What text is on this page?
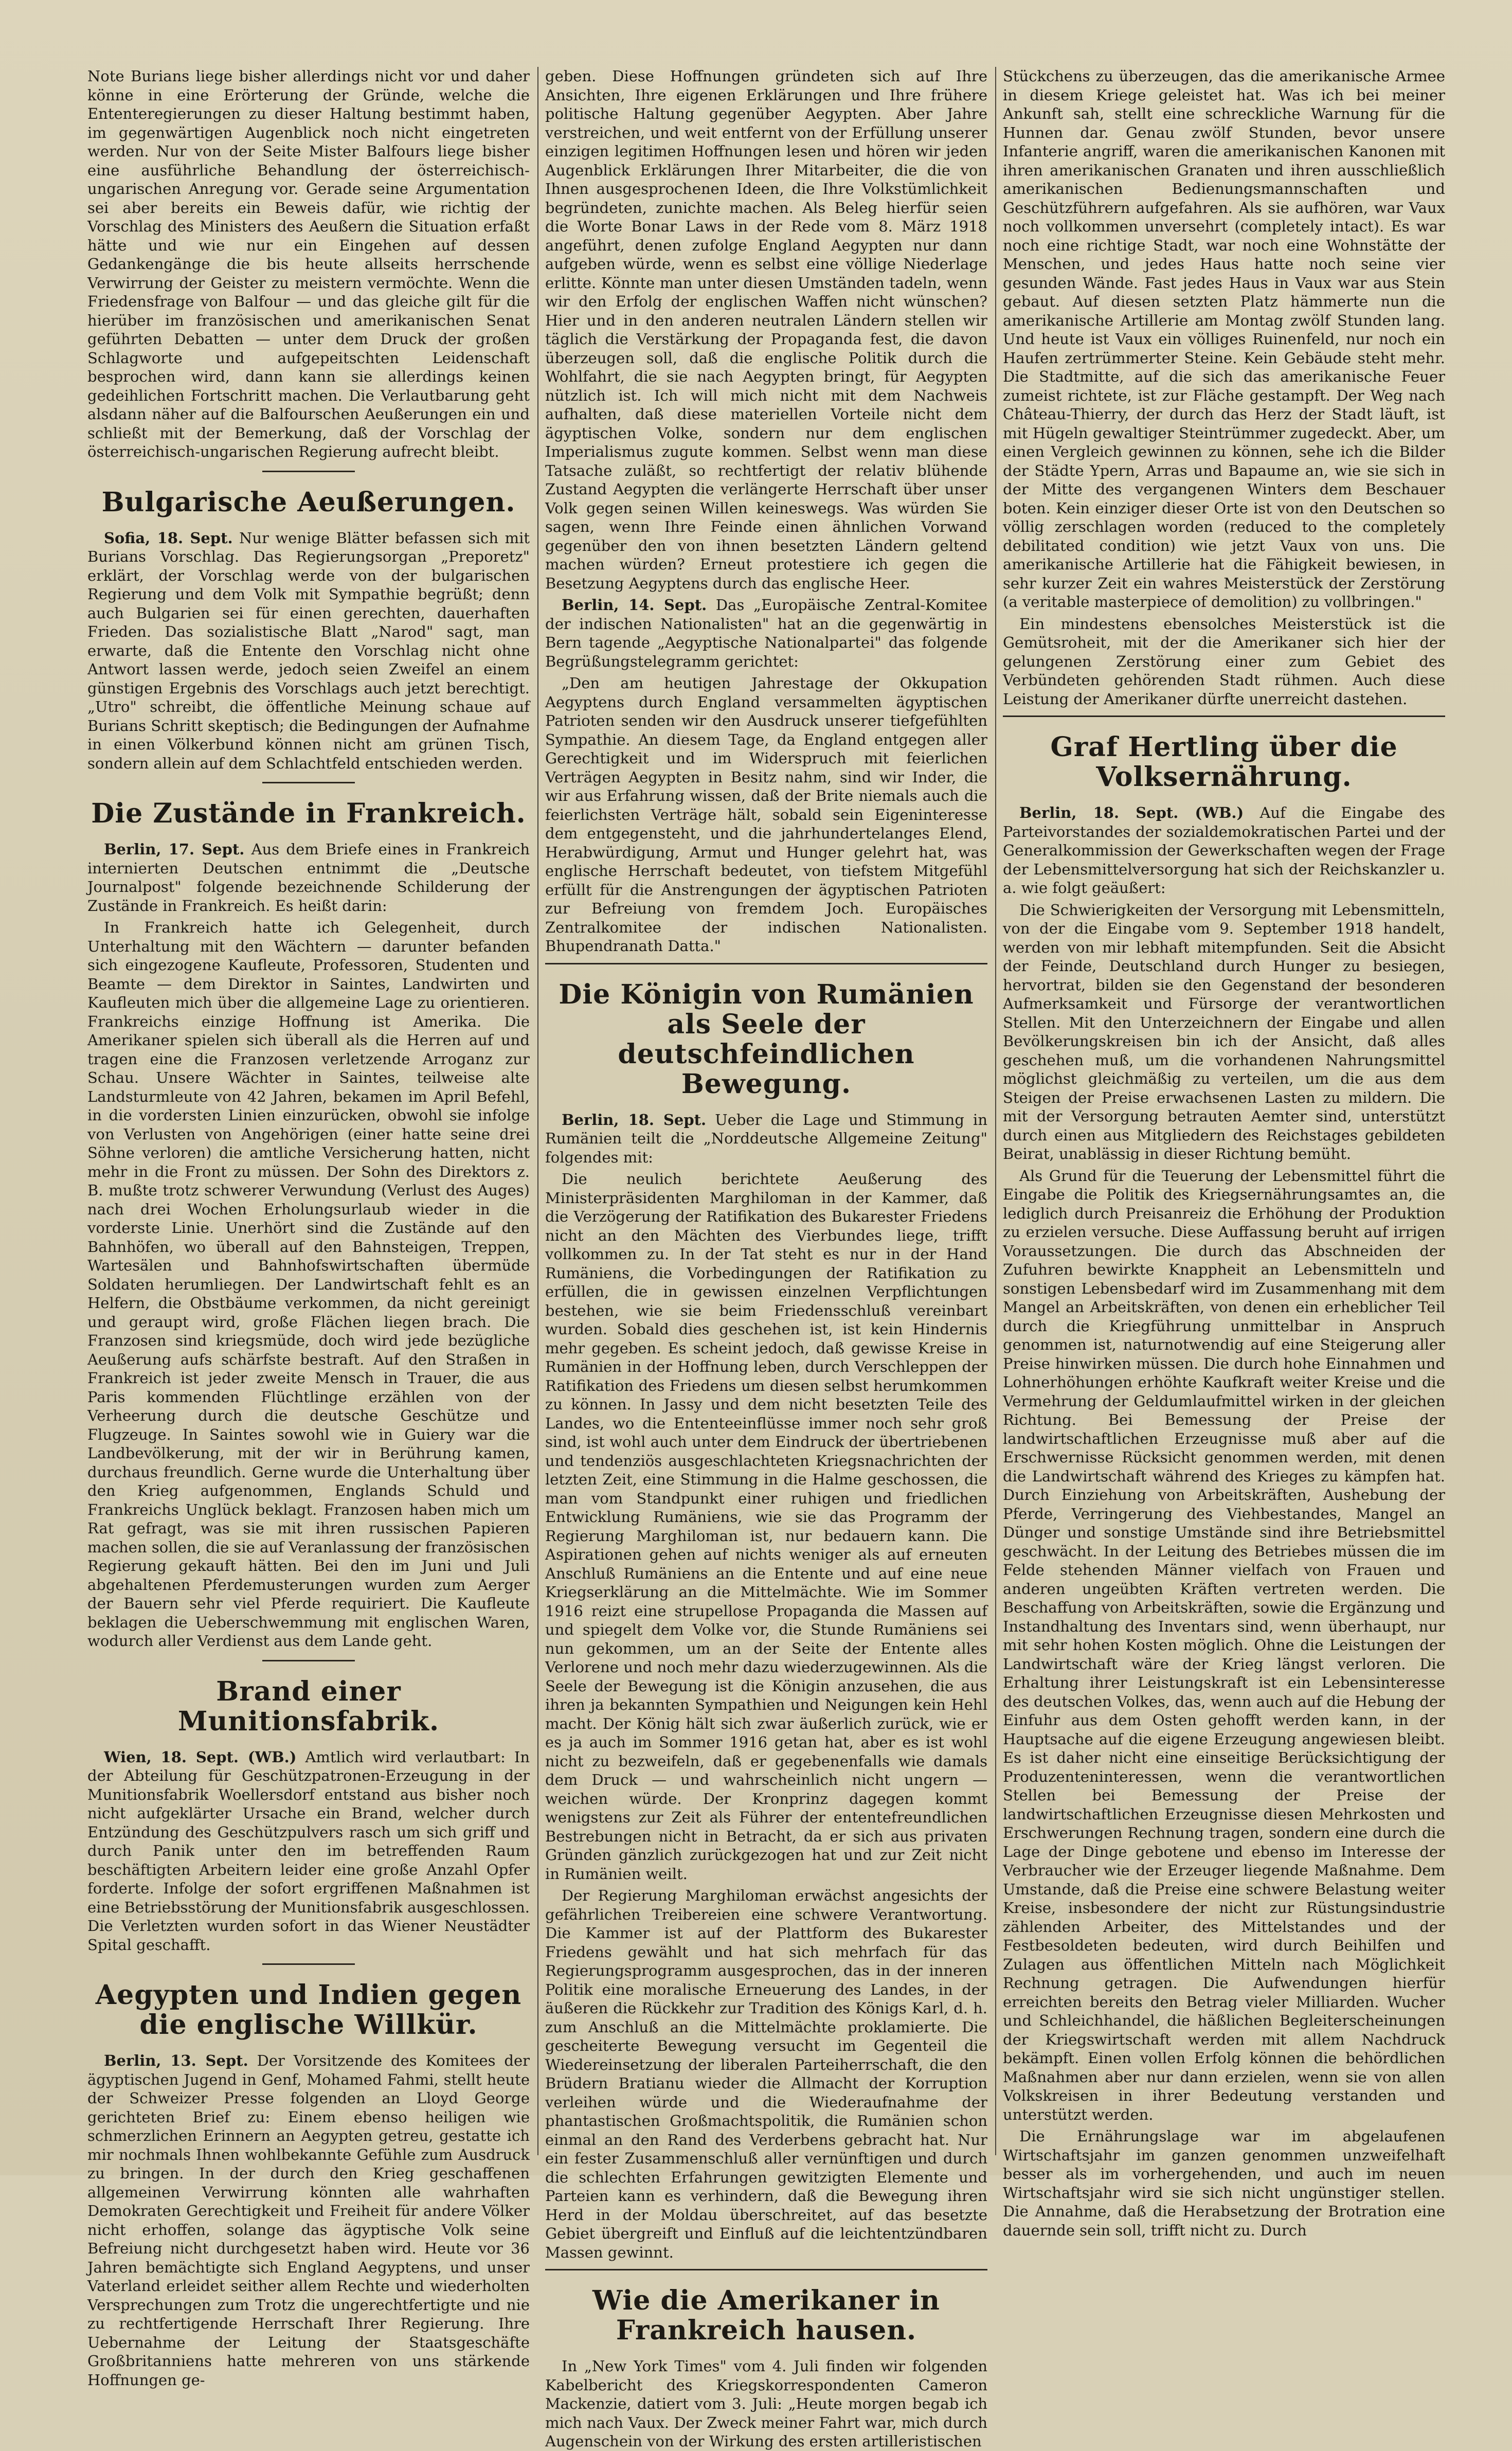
Note Burians liege bisher allerdings nicht vor und daher könne in eine Erörterung der Gründe, welche die Ententeregierungen zu dieser Haltung bestimmt haben, im gegenwärtigen Augenblick noch nicht eingetreten werden. Nur von der Seite Mister Balfours liege bisher eine ausführliche Behandlung der österreichisch-ungarischen Anregung vor. Gerade seine Argumentation sei aber bereits ein Beweis dafür, wie richtig der Vorschlag des Ministers des Aeußern die Situation erfaßt hätte und wie nur ein Eingehen auf dessen Gedankengänge die bis heute allseits herrschende Verwirrung der Geister zu meistern vermöchte. Wenn die Friedensfrage von Balfour — und das gleiche gilt für die hierüber im französischen und amerikanischen Senat geführten Debatten — unter dem Druck der großen Schlagworte und aufgepeitschten Leidenschaft besprochen wird, dann kann sie allerdings keinen gedeihlichen Fortschritt machen. Die Verlautbarung geht alsdann näher auf die Balfourschen Aeußerungen ein und schließt mit der Bemerkung, daß der Vorschlag der österreichisch-ungarischen Regierung aufrecht bleibt.

Bulgarische Aeußerungen.

Sofia, 18. Sept. Nur wenige Blätter befassen sich mit Burians Vorschlag. Das Regierungsorgan „Preporetz" erklärt, der Vorschlag werde von der bulgarischen Regierung und dem Volk mit Sympathie begrüßt; denn auch Bulgarien sei für einen gerechten, dauerhaften Frieden. Das sozialistische Blatt „Narod" sagt, man erwarte, daß die Entente den Vorschlag nicht ohne Antwort lassen werde, jedoch seien Zweifel an einem günstigen Ergebnis des Vorschlags auch jetzt berechtigt. „Utro" schreibt, die öffentliche Meinung schaue auf Burians Schritt skeptisch; die Bedingungen der Aufnahme in einen Völkerbund können nicht am grünen Tisch, sondern allein auf dem Schlachtfeld entschieden werden.

Die Zustände in Frankreich.

Berlin, 17. Sept. Aus dem Briefe eines in Frankreich internierten Deutschen entnimmt die „Deutsche Journalpost" folgende bezeichnende Schilderung der Zustände in Frankreich. Es heißt darin:

In Frankreich hatte ich Gelegenheit, durch Unterhaltung mit den Wächtern — darunter befanden sich eingezogene Kaufleute, Professoren, Studenten und Beamte — dem Direktor in Saintes, Landwirten und Kaufleuten mich über die allgemeine Lage zu orientieren. Frankreichs einzige Hoffnung ist Amerika. Die Amerikaner spielen sich überall als die Herren auf und tragen eine die Franzosen verletzende Arroganz zur Schau. Unsere Wächter in Saintes, teilweise alte Landsturmleute von 42 Jahren, bekamen im April Befehl, in die vordersten Linien einzurücken, obwohl sie infolge von Verlusten von Angehörigen (einer hatte seine drei Söhne verloren) die amtliche Versicherung hatten, nicht mehr in die Front zu müssen. Der Sohn des Direktors z. B. mußte trotz schwerer Verwundung (Verlust des Auges) nach drei Wochen Erholungsurlaub wieder in die vorderste Linie. Unerhört sind die Zustände auf den Bahnhöfen, wo überall auf den Bahnsteigen, Treppen, Wartesälen und Bahnhofswirtschaften übermüde Soldaten herumliegen. Der Landwirtschaft fehlt es an Helfern, die Obstbäume verkommen, da nicht gereinigt und geraupt wird, große Flächen liegen brach. Die Franzosen sind kriegsmüde, doch wird jede bezügliche Aeußerung aufs schärfste bestraft. Auf den Straßen in Frankreich ist jeder zweite Mensch in Trauer, die aus Paris kommenden Flüchtlinge erzählen von der Verheerung durch die deutsche Geschütze und Flugzeuge. In Saintes sowohl wie in Guiery war die Landbevölkerung, mit der wir in Berührung kamen, durchaus freundlich. Gerne wurde die Unterhaltung über den Krieg aufgenommen, Englands Schuld und Frankreichs Unglück beklagt. Franzosen haben mich um Rat gefragt, was sie mit ihren russischen Papieren machen sollen, die sie auf Veranlassung der französischen Regierung gekauft hätten. Bei den im Juni und Juli abgehaltenen Pferdemusterungen wurden zum Aerger der Bauern sehr viel Pferde requiriert. Die Kaufleute beklagen die Ueberschwemmung mit englischen Waren, wodurch aller Verdienst aus dem Lande geht.

Brand einer Munitionsfabrik.

Wien, 18. Sept. (WB.) Amtlich wird verlautbart: In der Abteilung für Geschützpatronen-Erzeugung in der Munitionsfabrik Woellersdorf entstand aus bisher noch nicht aufgeklärter Ursache ein Brand, welcher durch Entzündung des Geschützpulvers rasch um sich griff und durch Panik unter den im betreffenden Raum beschäftigten Arbeitern leider eine große Anzahl Opfer forderte. Infolge der sofort ergriffenen Maßnahmen ist eine Betriebsstörung der Munitionsfabrik ausgeschlossen. Die Verletzten wurden sofort in das Wiener Neustädter Spital geschafft.

Aegypten und Indien gegen die englische Willkür.

Berlin, 13. Sept. Der Vorsitzende des Komitees der ägyptischen Jugend in Genf, Mohamed Fahmi, stellt heute der Schweizer Presse folgenden an Lloyd George gerichteten Brief zu: Einem ebenso heiligen wie schmerzlichen Erinnern an Aegypten getreu, gestatte ich mir nochmals Ihnen wohlbekannte Gefühle zum Ausdruck zu bringen. In der durch den Krieg geschaffenen allgemeinen Verwirrung könnten alle wahrhaften Demokraten Gerechtigkeit und Freiheit für andere Völker nicht erhoffen, solange das ägyptische Volk seine Befreiung nicht durchgesetzt haben wird. Heute vor 36 Jahren bemächtigte sich England Aegyptens, und unser Vaterland erleidet seither allem Rechte und wiederholten Versprechungen zum Trotz die ungerechtfertigte und nie zu rechtfertigende Herrschaft Ihrer Regierung. Ihre Uebernahme der Leitung der Staatsgeschäfte Großbritanniens hatte mehreren von uns stärkende Hoffnungen ge-

geben. Diese Hoffnungen gründeten sich auf Ihre Ansichten, Ihre eigenen Erklärungen und Ihre frühere politische Haltung gegenüber Aegypten. Aber Jahre verstreichen, und weit entfernt von der Erfüllung unserer einzigen legitimen Hoffnungen lesen und hören wir jeden Augenblick Erklärungen Ihrer Mitarbeiter, die die von Ihnen ausgesprochenen Ideen, die Ihre Volkstümlichkeit begründeten, zunichte machen. Als Beleg hierfür seien die Worte Bonar Laws in der Rede vom 8. März 1918 angeführt, denen zufolge England Aegypten nur dann aufgeben würde, wenn es selbst eine völlige Niederlage erlitte. Könnte man unter diesen Umständen tadeln, wenn wir den Erfolg der englischen Waffen nicht wünschen? Hier und in den anderen neutralen Ländern stellen wir täglich die Verstärkung der Propaganda fest, die davon überzeugen soll, daß die englische Politik durch die Wohlfahrt, die sie nach Aegypten bringt, für Aegypten nützlich ist. Ich will mich nicht mit dem Nachweis aufhalten, daß diese materiellen Vorteile nicht dem ägyptischen Volke, sondern nur dem englischen Imperialismus zugute kommen. Selbst wenn man diese Tatsache zuläßt, so rechtfertigt der relativ blühende Zustand Aegypten die verlängerte Herrschaft über unser Volk gegen seinen Willen keineswegs. Was würden Sie sagen, wenn Ihre Feinde einen ähnlichen Vorwand gegenüber den von ihnen besetzten Ländern geltend machen würden? Erneut protestiere ich gegen die Besetzung Aegyptens durch das englische Heer.

Berlin, 14. Sept. Das „Europäische Zentral-Komitee der indischen Nationalisten" hat an die gegenwärtig in Bern tagende „Aegyptische Nationalpartei" das folgende Begrüßungstelegramm gerichtet:

„Den am heutigen Jahrestage der Okkupation Aegyptens durch England versammelten ägyptischen Patrioten senden wir den Ausdruck unserer tiefgefühlten Sympathie. An diesem Tage, da England entgegen aller Gerechtigkeit und im Widerspruch mit feierlichen Verträgen Aegypten in Besitz nahm, sind wir Inder, die wir aus Erfahrung wissen, daß der Brite niemals auch die feierlichsten Verträge hält, sobald sein Eigeninteresse dem entgegensteht, und die jahrhundertelanges Elend, Herabwürdigung, Armut und Hunger gelehrt hat, was englische Herrschaft bedeutet, von tiefstem Mitgefühl erfüllt für die Anstrengungen der ägyptischen Patrioten zur Befreiung von fremdem Joch. Europäisches Zentralkomitee der indischen Nationalisten. Bhupendranath Datta."

Die Königin von Rumänien als Seele der deutschfeindlichen Bewegung.

Berlin, 18. Sept. Ueber die Lage und Stimmung in Rumänien teilt die „Norddeutsche Allgemeine Zeitung" folgendes mit:

Die neulich berichtete Aeußerung des Ministerpräsidenten Marghiloman in der Kammer, daß die Verzögerung der Ratifikation des Bukarester Friedens nicht an den Mächten des Vierbundes liege, trifft vollkommen zu. In der Tat steht es nur in der Hand Rumäniens, die Vorbedingungen der Ratifikation zu erfüllen, die in gewissen einzelnen Verpflichtungen bestehen, wie sie beim Friedensschluß vereinbart wurden. Sobald dies geschehen ist, ist kein Hindernis mehr gegeben. Es scheint jedoch, daß gewisse Kreise in Rumänien in der Hoffnung leben, durch Verschleppen der Ratifikation des Friedens um diesen selbst herumkommen zu können. In Jassy und dem nicht besetzten Teile des Landes, wo die Ententeeinflüsse immer noch sehr groß sind, ist wohl auch unter dem Eindruck der übertriebenen und tendenziös ausgeschlachteten Kriegsnachrichten der letzten Zeit, eine Stimmung in die Halme geschossen, die man vom Standpunkt einer ruhigen und friedlichen Entwicklung Rumäniens, wie sie das Programm der Regierung Marghiloman ist, nur bedauern kann. Die Aspirationen gehen auf nichts weniger als auf erneuten Anschluß Rumäniens an die Entente und auf eine neue Kriegserklärung an die Mittelmächte. Wie im Sommer 1916 reizt eine strupellose Propaganda die Massen auf und spiegelt dem Volke vor, die Stunde Rumäniens sei nun gekommen, um an der Seite der Entente alles Verlorene und noch mehr dazu wiederzugewinnen. Als die Seele der Bewegung ist die Königin anzusehen, die aus ihren ja bekannten Sympathien und Neigungen kein Hehl macht. Der König hält sich zwar äußerlich zurück, wie er es ja auch im Sommer 1916 getan hat, aber es ist wohl nicht zu bezweifeln, daß er gegebenenfalls wie damals dem Druck — und wahrscheinlich nicht ungern — weichen würde. Der Kronprinz dagegen kommt wenigstens zur Zeit als Führer der ententefreundlichen Bestrebungen nicht in Betracht, da er sich aus privaten Gründen gänzlich zurückgezogen hat und zur Zeit nicht in Rumänien weilt.

Der Regierung Marghiloman erwächst angesichts der gefährlichen Treibereien eine schwere Verantwortung. Die Kammer ist auf der Plattform des Bukarester Friedens gewählt und hat sich mehrfach für das Regierungsprogramm ausgesprochen, das in der inneren Politik eine moralische Erneuerung des Landes, in der äußeren die Rückkehr zur Tradition des Königs Karl, d. h. zum Anschluß an die Mittelmächte proklamierte. Die gescheiterte Bewegung versucht im Gegenteil die Wiedereinsetzung der liberalen Parteiherrschaft, die den Brüdern Bratianu wieder die Allmacht der Korruption verleihen würde und die Wiederaufnahme der phantastischen Großmachtspolitik, die Rumänien schon einmal an den Rand des Verderbens gebracht hat. Nur ein fester Zusammenschluß aller vernünftigen und durch die schlechten Erfahrungen gewitzigten Elemente und Parteien kann es verhindern, daß die Bewegung ihren Herd in der Moldau überschreitet, auf das besetzte Gebiet übergreift und Einfluß auf die leichtentzündbaren Massen gewinnt.

Wie die Amerikaner in Frankreich hausen.

In „New York Times" vom 4. Juli finden wir folgenden Kabelbericht des Kriegskorrespondenten Cameron Mackenzie, datiert vom 3. Juli: „Heute morgen begab ich mich nach Vaux. Der Zweck meiner Fahrt war, mich durch Augenschein von der Wirkung des ersten artilleristischen

Stückchens zu überzeugen, das die amerikanische Armee in diesem Kriege geleistet hat. Was ich bei meiner Ankunft sah, stellt eine schreckliche Warnung für die Hunnen dar. Genau zwölf Stunden, bevor unsere Infanterie angriff, waren die amerikanischen Kanonen mit ihren amerikanischen Granaten und ihren ausschließlich amerikanischen Bedienungsmannschaften und Geschützführern aufgefahren. Als sie aufhören, war Vaux noch vollkommen unversehrt (completely intact). Es war noch eine richtige Stadt, war noch eine Wohnstätte der Menschen, und jedes Haus hatte noch seine vier gesunden Wände. Fast jedes Haus in Vaux war aus Stein gebaut. Auf diesen setzten Platz hämmerte nun die amerikanische Artillerie am Montag zwölf Stunden lang. Und heute ist Vaux ein völliges Ruinenfeld, nur noch ein Haufen zertrümmerter Steine. Kein Gebäude steht mehr. Die Stadtmitte, auf die sich das amerikanische Feuer zumeist richtete, ist zur Fläche gestampft. Der Weg nach Château-Thierry, der durch das Herz der Stadt läuft, ist mit Hügeln gewaltiger Steintrümmer zugedeckt. Aber, um einen Vergleich gewinnen zu können, sehe ich die Bilder der Städte Ypern, Arras und Bapaume an, wie sie sich in der Mitte des vergangenen Winters dem Beschauer boten. Kein einziger dieser Orte ist von den Deutschen so völlig zerschlagen worden (reduced to the completely debilitated condition) wie jetzt Vaux von uns. Die amerikanische Artillerie hat die Fähigkeit bewiesen, in sehr kurzer Zeit ein wahres Meisterstück der Zerstörung (a veritable masterpiece of demolition) zu vollbringen."

Ein mindestens ebensolches Meisterstück ist die Gemütsroheit, mit der die Amerikaner sich hier der gelungenen Zerstörung einer zum Gebiet des Verbündeten gehörenden Stadt rühmen. Auch diese Leistung der Amerikaner dürfte unerreicht dastehen.

Graf Hertling über die Volksernährung.

Berlin, 18. Sept. (WB.) Auf die Eingabe des Parteivorstandes der sozialdemokratischen Partei und der Generalkommission der Gewerkschaften wegen der Frage der Lebensmittelversorgung hat sich der Reichskanzler u. a. wie folgt geäußert:

Die Schwierigkeiten der Versorgung mit Lebensmitteln, von der die Eingabe vom 9. September 1918 handelt, werden von mir lebhaft mitempfunden. Seit die Absicht der Feinde, Deutschland durch Hunger zu besiegen, hervortrat, bilden sie den Gegenstand der besonderen Aufmerksamkeit und Fürsorge der verantwortlichen Stellen. Mit den Unterzeichnern der Eingabe und allen Bevölkerungskreisen bin ich der Ansicht, daß alles geschehen muß, um die vorhandenen Nahrungsmittel möglichst gleichmäßig zu verteilen, um die aus dem Steigen der Preise erwachsenen Lasten zu mildern. Die mit der Versorgung betrauten Aemter sind, unterstützt durch einen aus Mitgliedern des Reichstages gebildeten Beirat, unablässig in dieser Richtung bemüht.

Als Grund für die Teuerung der Lebensmittel führt die Eingabe die Politik des Kriegsernährungsamtes an, die lediglich durch Preisanreiz die Erhöhung der Produktion zu erzielen versuche. Diese Auffassung beruht auf irrigen Voraussetzungen. Die durch das Abschneiden der Zufuhren bewirkte Knappheit an Lebensmitteln und sonstigen Lebensbedarf wird im Zusammenhang mit dem Mangel an Arbeitskräften, von denen ein erheblicher Teil durch die Kriegführung unmittelbar in Anspruch genommen ist, naturnotwendig auf eine Steigerung aller Preise hinwirken müssen. Die durch hohe Einnahmen und Lohnerhöhungen erhöhte Kaufkraft weiter Kreise und die Vermehrung der Geldumlaufmittel wirken in der gleichen Richtung. Bei Bemessung der Preise der landwirtschaftlichen Erzeugnisse muß aber auf die Erschwernisse Rücksicht genommen werden, mit denen die Landwirtschaft während des Krieges zu kämpfen hat. Durch Einziehung von Arbeitskräften, Aushebung der Pferde, Verringerung des Viehbestandes, Mangel an Dünger und sonstige Umstände sind ihre Betriebsmittel geschwächt. In der Leitung des Betriebes müssen die im Felde stehenden Männer vielfach von Frauen und anderen ungeübten Kräften vertreten werden. Die Beschaffung von Arbeitskräften, sowie die Ergänzung und Instandhaltung des Inventars sind, wenn überhaupt, nur mit sehr hohen Kosten möglich. Ohne die Leistungen der Landwirtschaft wäre der Krieg längst verloren. Die Erhaltung ihrer Leistungskraft ist ein Lebensinteresse des deutschen Volkes, das, wenn auch auf die Hebung der Einfuhr aus dem Osten gehofft werden kann, in der Hauptsache auf die eigene Erzeugung angewiesen bleibt. Es ist daher nicht eine einseitige Berücksichtigung der Produzenteninteressen, wenn die verantwortlichen Stellen bei Bemessung der Preise der landwirtschaftlichen Erzeugnisse diesen Mehrkosten und Erschwerungen Rechnung tragen, sondern eine durch die Lage der Dinge gebotene und ebenso im Interesse der Verbraucher wie der Erzeuger liegende Maßnahme. Dem Umstande, daß die Preise eine schwere Belastung weiter Kreise, insbesondere der nicht zur Rüstungsindustrie zählenden Arbeiter, des Mittelstandes und der Festbesoldeten bedeuten, wird durch Beihilfen und Zulagen aus öffentlichen Mitteln nach Möglichkeit Rechnung getragen. Die Aufwendungen hierfür erreichten bereits den Betrag vieler Milliarden. Wucher und Schleichhandel, die häßlichen Begleiterscheinungen der Kriegswirtschaft werden mit allem Nachdruck bekämpft. Einen vollen Erfolg können die behördlichen Maßnahmen aber nur dann erzielen, wenn sie von allen Volkskreisen in ihrer Bedeutung verstanden und unterstützt werden.

Die Ernährungslage war im abgelaufenen Wirtschaftsjahr im ganzen genommen unzweifelhaft besser als im vorhergehenden, und auch im neuen Wirtschaftsjahr wird sie sich nicht ungünstiger stellen. Die Annahme, daß die Herabsetzung der Brotration eine dauernde sein soll, trifft nicht zu. Durch
